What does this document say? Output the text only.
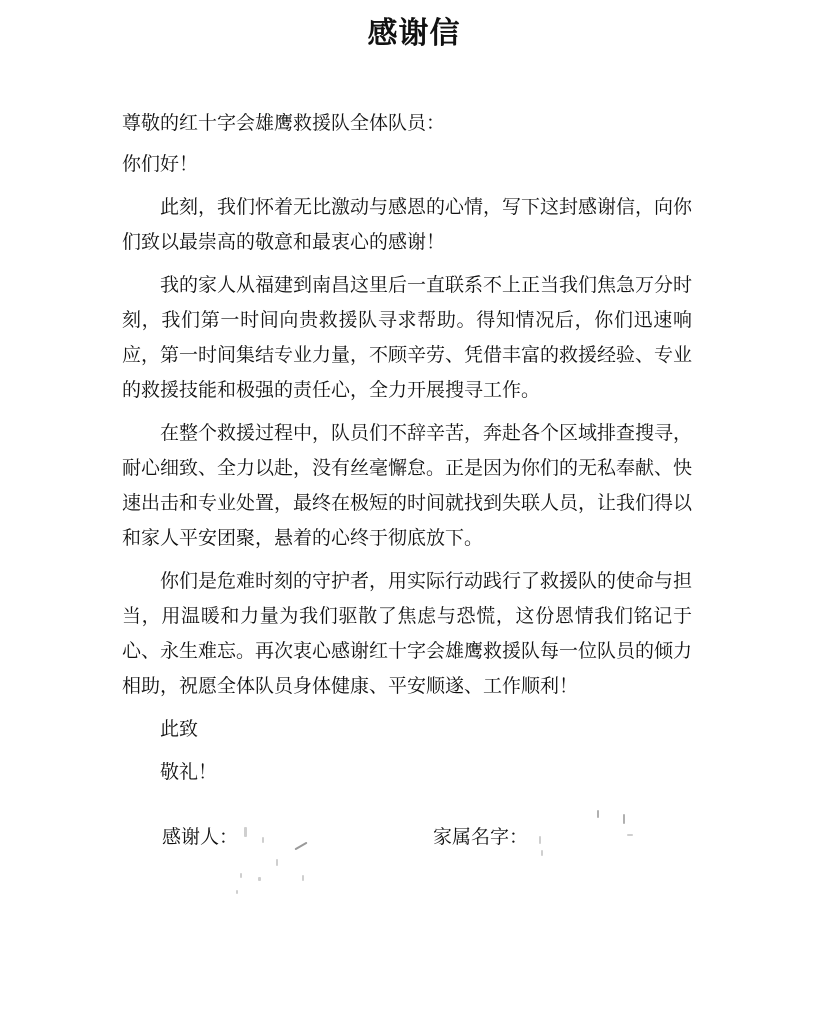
感谢信

尊敬的红十字会雄鹰救援队全体队员：

你们好！

此刻，我们怀着无比激动与感恩的心情，写下这封感谢信，向你们致以最崇高的敬意和最衷心的感谢！

我的家人从福建到南昌这里后一直联系不上正当我们焦急万分时刻，我们第一时间向贵救援队寻求帮助。得知情况后，你们迅速响应，第一时间集结专业力量，不顾辛劳、凭借丰富的救援经验、专业的救援技能和极强的责任心，全力开展搜寻工作。

在整个救援过程中，队员们不辞辛苦，奔赴各个区域排查搜寻，耐心细致、全力以赴，没有丝毫懈怠。正是因为你们的无私奉献、快速出击和专业处置，最终在极短的时间就找到失联人员，让我们得以和家人平安团聚，悬着的心终于彻底放下。

你们是危难时刻的守护者，用实际行动践行了救援队的使命与担当，用温暖和力量为我们驱散了焦虑与恐慌，这份恩情我们铭记于心、永生难忘。再次衷心感谢红十字会雄鹰救援队每一位队员的倾力相助，祝愿全体队员身体健康、平安顺遂、工作顺利！

此致

敬礼！

感谢人：	家属名字：
